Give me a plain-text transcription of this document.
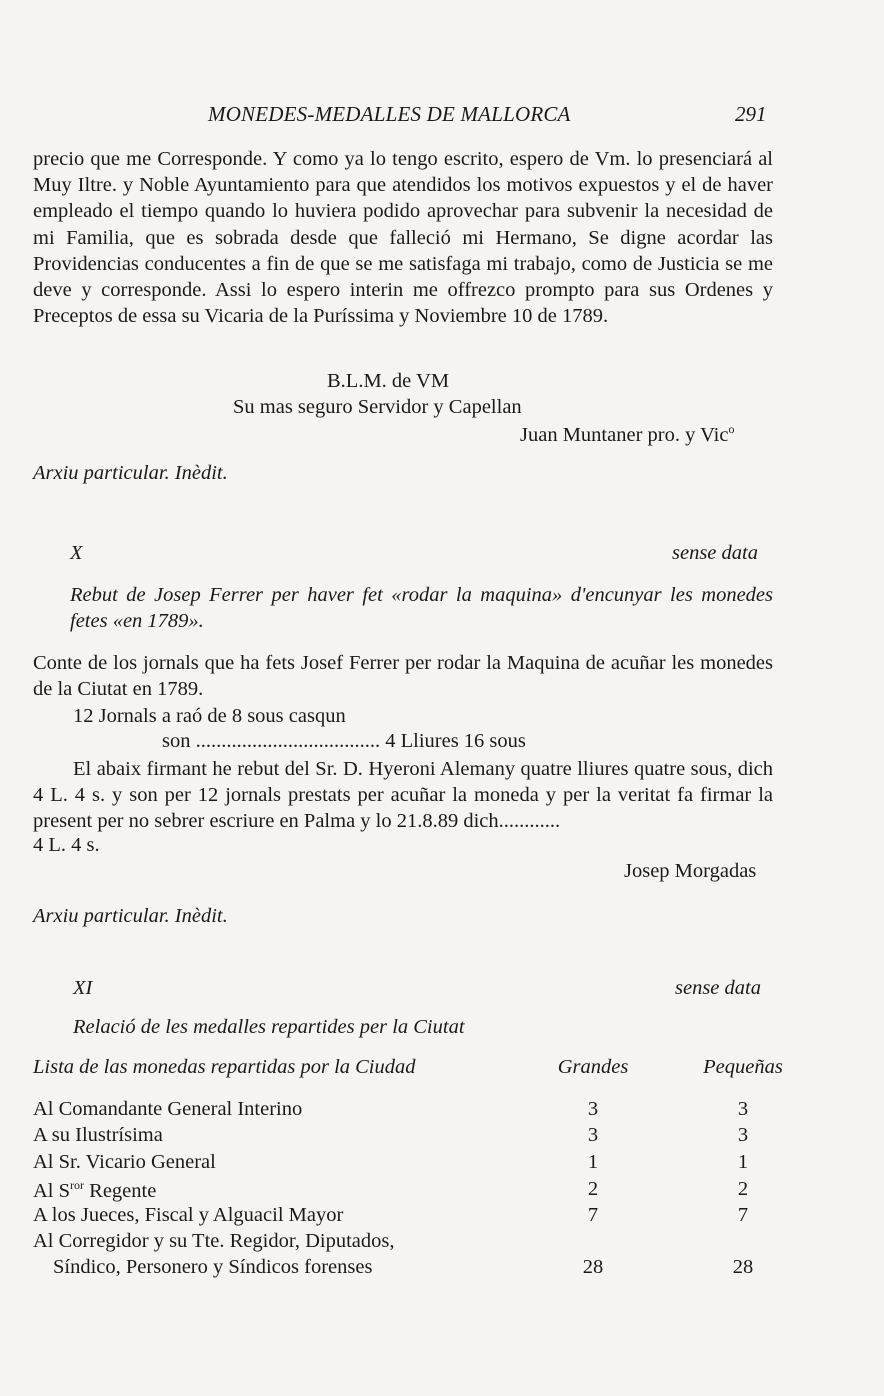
MONEDES-MEDALLES DE MALLORCA	291
precio que me Corresponde. Y como ya lo tengo escrito, espero de Vm. lo presenciará al Muy Iltre. y Noble Ayuntamiento para que atendidos los motivos expuestos y el de haver empleado el tiempo quando lo huviera podido aprovechar para subvenir la necesidad de mi Familia, que es sobrada desde que falleció mi Hermano, Se digne acordar las Providencias conducentes a fin de que se me satisfaga mi trabajo, como de Justicia se me deve y corresponde. Assi lo espero interin me offrezco prompto para sus Ordenes y Preceptos de essa su Vicaria de la Puríssima y Noviembre 10 de 1789.
B.L.M. de VM
Su mas seguro Servidor y Capellan
Juan Muntaner pro. y Vic$^o$
Arxiu particular. Inèdit.
X	sense data
Rebut de Josep Ferrer per haver fet «rodar la maquina» d'encunyar les monedes fetes «en 1789».
Conte de los jornals que ha fets Josef Ferrer per rodar la Maquina de acuñar les monedes de la Ciutat en 1789.
12 Jornals a raó de 8 sous casqun
son .................................... 4 Lliures 16 sous
El abaix firmant he rebut del Sr. D. Hyeroni Alemany quatre lliures quatre sous, dich 4 L. 4 s. y son per 12 jornals prestats per acuñar la moneda y per la veritat fa firmar la present per no sebrer escriure en Palma y lo 21.8.89 dich............
4 L. 4 s.
Josep Morgadas
Arxiu particular. Inèdit.
XI	sense data
Relació de les medalles repartides per la Ciutat
Lista de las monedas repartidas por la Ciudad	Grandes	Pequeñas
Al Comandante General Interino	3	3
A su Ilustrísima	3	3
Al Sr. Vicario General	1	1
Al $S^{ror}$ Regente	2	2
A los Jueces, Fiscal y Alguacil Mayor	7	7
Al Corregidor y su Tte. Regidor, Diputados,
Síndico, Personero y Síndicos forenses	28	28
